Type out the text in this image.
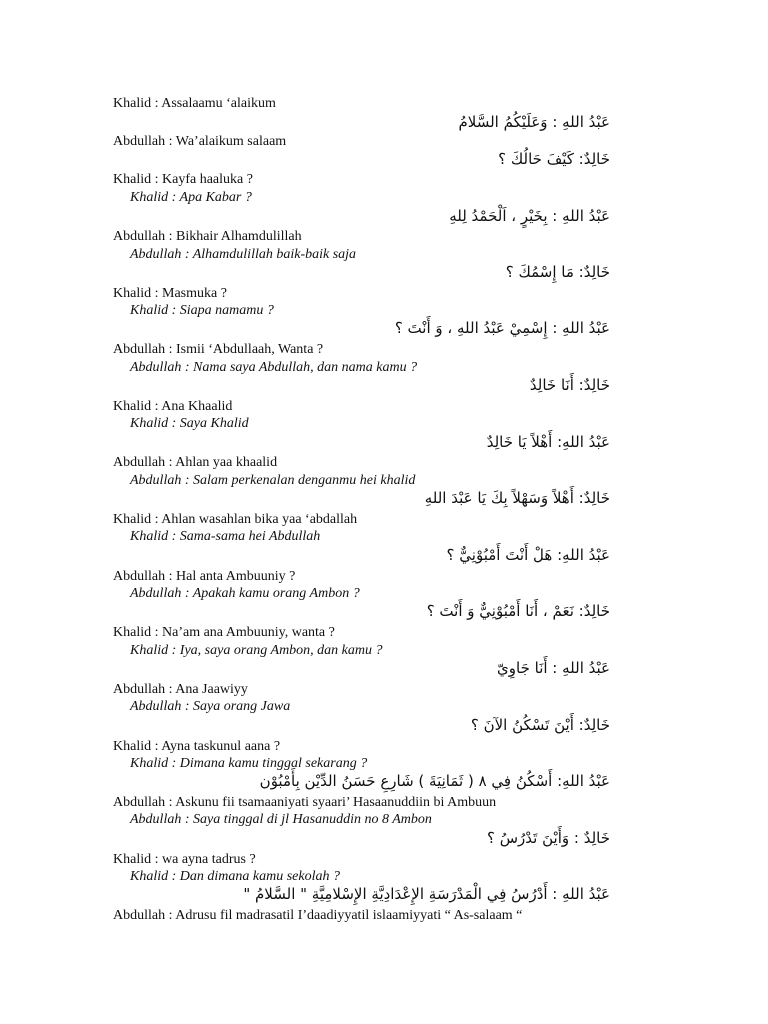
Khalid : Assalaamu ‘alaikum
عَبْدُ اللهِ : وَعَلَيْكُمُ السَّلامُ
Abdullah : Wa’alaikum salaam
خَالِدٌ: كَيْفَ حَالُكَ ؟
Khalid : Kayfa haaluka ?
Khalid : Apa Kabar ?
عَبْدُ اللهِ : بِخَيْرٍ ، اَلْحَمْدُ لِلهِ
Abdullah : Bikhair Alhamdulillah
Abdullah : Alhamdulillah baik-baik saja
خَالِدٌ: مَا إِسْمُكَ ؟
Khalid : Masmuka ?
Khalid : Siapa namamu ?
عَبْدُ اللهِ : إِسْمِيْ عَبْدُ اللهِ ، وَ أَنْتَ ؟
Abdullah : Ismii ‘Abdullaah, Wanta ?
Abdullah : Nama saya Abdullah, dan nama kamu ?
خَالِدٌ: أَنَا خَالِدٌ
Khalid : Ana Khaalid
Khalid : Saya Khalid
عَبْدُ اللهِ: أَهْلاً يَا خَالِدٌ
Abdullah : Ahlan yaa khaalid
Abdullah : Salam perkenalan denganmu hei khalid
خَالِدٌ: أَهْلاً وَسَهْلاً بِكَ يَا عَبْدَ اللهِ
Khalid : Ahlan wasahlan bika yaa ‘abdallah
Khalid : Sama-sama hei Abdullah
عَبْدُ اللهِ: هَلْ أَنْتَ أَمْبُوْنِيٌّ ؟
Abdullah : Hal anta Ambuuniy ?
Abdullah : Apakah kamu orang Ambon ?
خَالِدٌ: نَعَمْ ، أَنَا أَمْبُوْنِيٌّ وَ أَنْتَ ؟
Khalid : Na’am ana Ambuuniy, wanta ?
Khalid : Iya, saya orang Ambon, dan kamu ?
عَبْدُ اللهِ : أَنَا جَاوِيّ
Abdullah : Ana Jaawiyy
Abdullah : Saya orang Jawa
خَالِدٌ: أَيْنَ تَسْكُنُ الآنَ ؟
Khalid : Ayna taskunul aana ?
Khalid : Dimana kamu tinggal sekarang ?
عَبْدُ اللهِ: أَسْكُنُ فِي ٨ ( ثَمَانِيَةَ ) شَارِعِ حَسَنُ الدِّيْن بِأَمْبُوْن
Abdullah : Askunu fii tsamaaniyati syaari’ Hasaanuddiin bi Ambuun
Abdullah : Saya tinggal di jl Hasanuddin no 8 Ambon
خَالِدٌ : وَأَيْنَ تَدْرُسُ ؟
Khalid : wa ayna tadrus ?
Khalid : Dan dimana kamu sekolah ?
عَبْدُ اللهِ : أَدْرُسُ فِي الْمَدْرَسَةِ الإِعْدَادِيَّةِ الإِسْلامِيَّةِ " السَّلامُ "
Abdullah : Adrusu fil madrasatil I’daadiyyatil islaamiyyati “ As-salaam “
